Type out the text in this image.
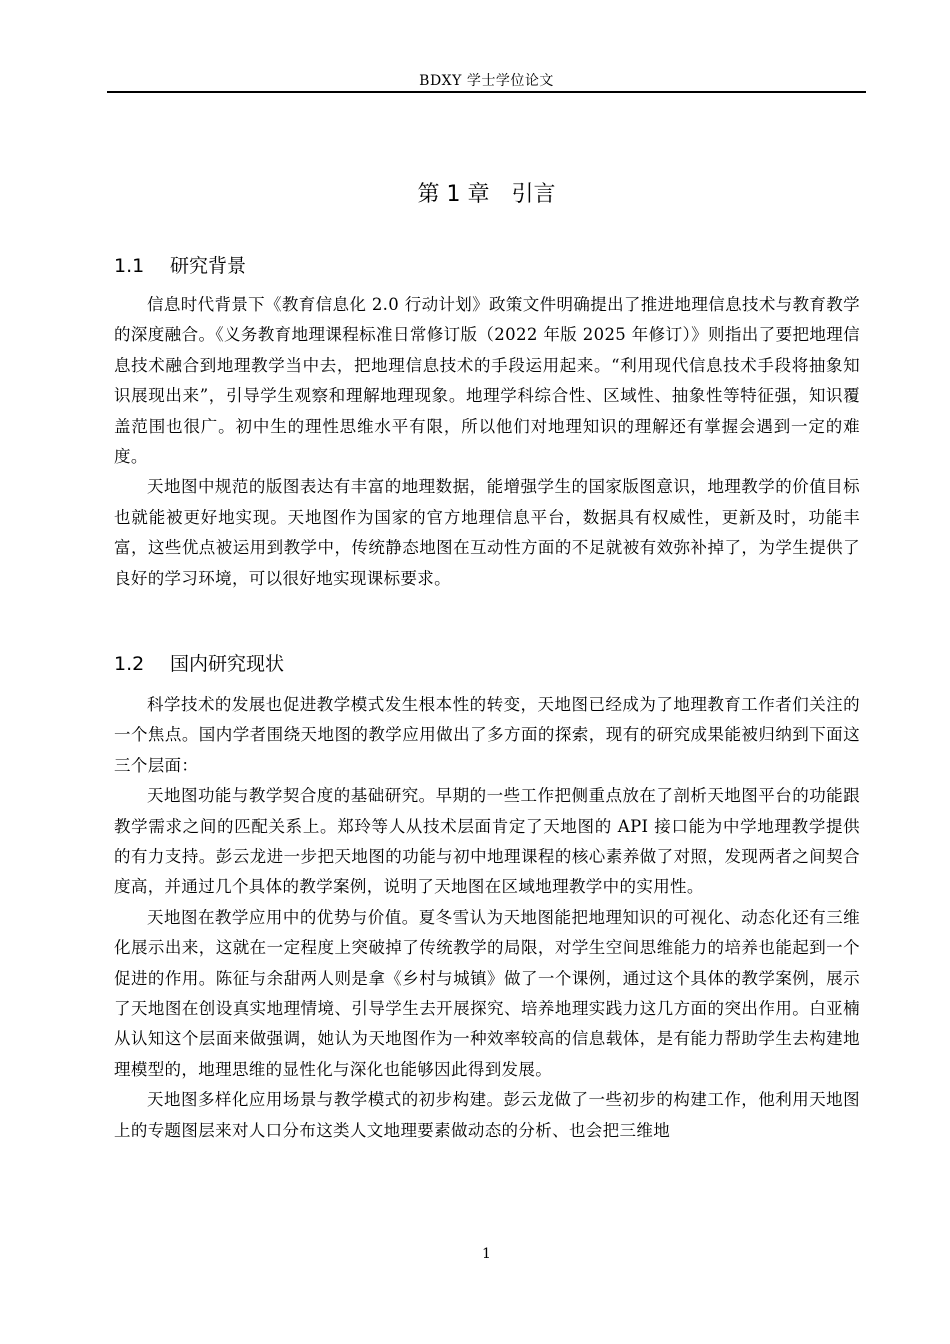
BDXY 学士学位论文
第 1 章 引言
1.1 研究背景

信息时代背景下《教育信息化 2.0 行动计划》政策文件明确提出了推进地理信息技术与教育教学的深度融合。《义务教育地理课程标准日常修订版（2022 年版 2025 年修订）》则指出了要把地理信息技术融合到地理教学当中去，把地理信息技术的手段运用起来。“利用现代信息技术手段将抽象知识展现出来”，引导学生观察和理解地理现象。地理学科综合性、区域性、抽象性等特征强，知识覆盖范围也很广。初中生的理性思维水平有限，所以他们对地理知识的理解还有掌握会遇到一定的难度。

天地图中规范的版图表达有丰富的地理数据，能增强学生的国家版图意识，地理教学的价值目标也就能被更好地实现。天地图作为国家的官方地理信息平台，数据具有权威性，更新及时，功能丰富，这些优点被运用到教学中，传统静态地图在互动性方面的不足就被有效弥补掉了，为学生提供了良好的学习环境，可以很好地实现课标要求。

1.2 国内研究现状

科学技术的发展也促进教学模式发生根本性的转变，天地图已经成为了地理教育工作者们关注的一个焦点。国内学者围绕天地图的教学应用做出了多方面的探索，现有的研究成果能被归纳到下面这三个层面：

天地图功能与教学契合度的基础研究。早期的一些工作把侧重点放在了剖析天地图平台的功能跟教学需求之间的匹配关系上。郑玲等人从技术层面肯定了天地图的 API 接口能为中学地理教学提供的有力支持。彭云龙进一步把天地图的功能与初中地理课程的核心素养做了对照，发现两者之间契合度高，并通过几个具体的教学案例，说明了天地图在区域地理教学中的实用性。

天地图在教学应用中的优势与价值。夏冬雪认为天地图能把地理知识的可视化、动态化还有三维化展示出来，这就在一定程度上突破掉了传统教学的局限，对学生空间思维能力的培养也能起到一个促进的作用。陈征与余甜两人则是拿《乡村与城镇》做了一个课例，通过这个具体的教学案例，展示了天地图在创设真实地理情境、引导学生去开展探究、培养地理实践力这几方面的突出作用。白亚楠从认知这个层面来做强调，她认为天地图作为一种效率较高的信息载体，是有能力帮助学生去构建地理模型的，地理思维的显性化与深化也能够因此得到发展。

天地图多样化应用场景与教学模式的初步构建。彭云龙做了一些初步的构建工作，他利用天地图上的专题图层来对人口分布这类人文地理要素做动态的分析、也会把三维地

1
